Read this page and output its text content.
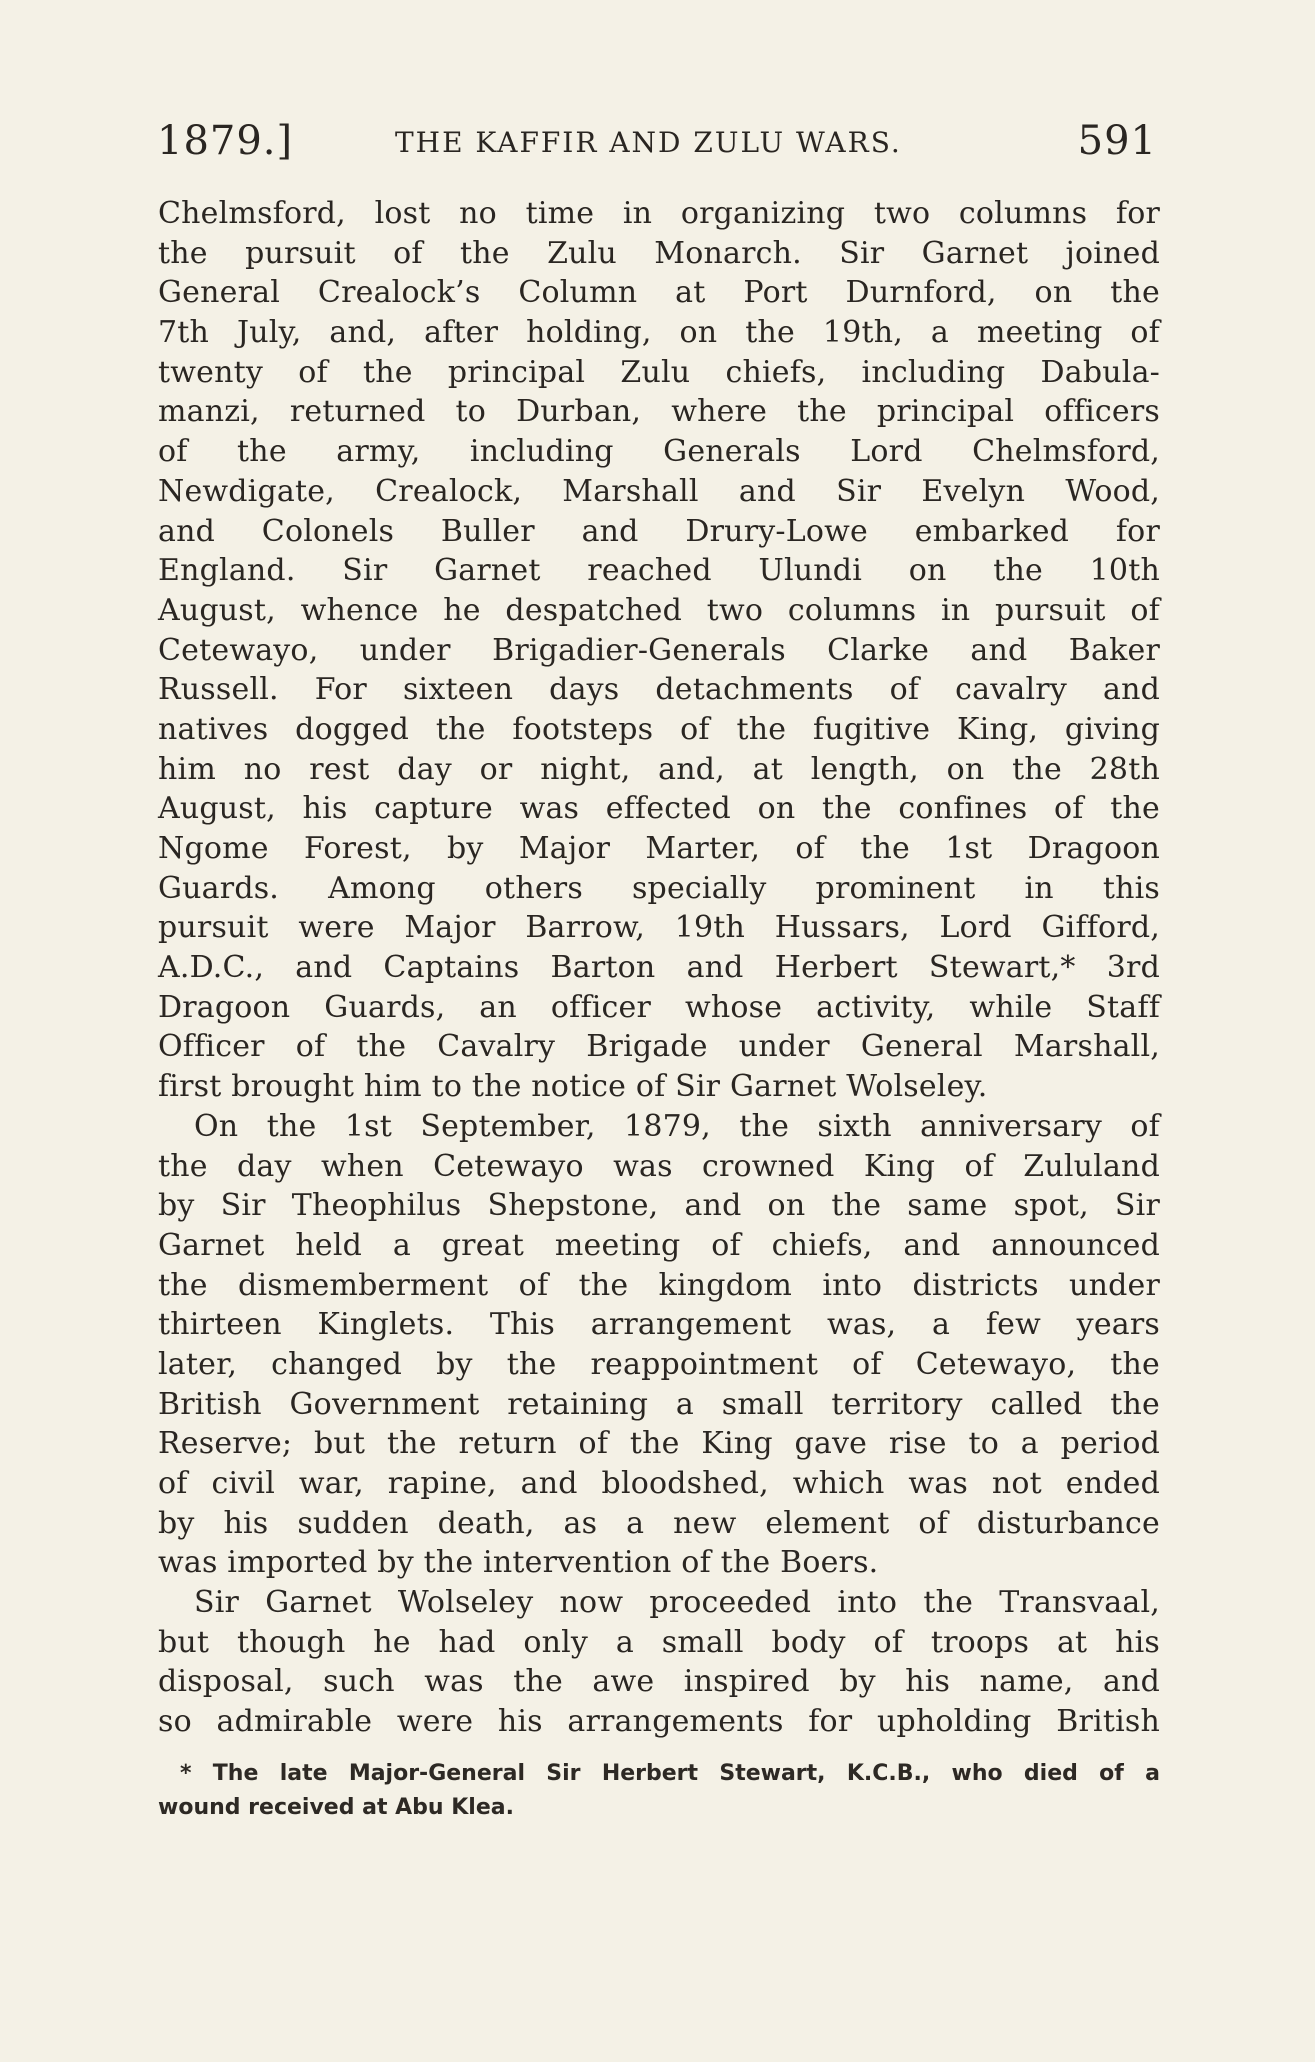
1879.]	THE KAFFIR AND ZULU WARS.	591
Chelmsford, lost no time in organizing two columns for
the pursuit of the Zulu Monarch. Sir Garnet joined
General Crealock’s Column at Port Durnford, on the
7th July, and, after holding, on the 19th, a meeting of
twenty of the principal Zulu chiefs, including Dabula-
manzi, returned to Durban, where the principal officers
of the army, including Generals Lord Chelmsford,
Newdigate, Crealock, Marshall and Sir Evelyn Wood,
and Colonels Buller and Drury-Lowe embarked for
England. Sir Garnet reached Ulundi on the 10th
August, whence he despatched two columns in pursuit of
Cetewayo, under Brigadier-Generals Clarke and Baker
Russell. For sixteen days detachments of cavalry and
natives dogged the footsteps of the fugitive King, giving
him no rest day or night, and, at length, on the 28th
August, his capture was effected on the confines of the
Ngome Forest, by Major Marter, of the 1st Dragoon
Guards. Among others specially prominent in this
pursuit were Major Barrow, 19th Hussars, Lord Gifford,
A.D.C., and Captains Barton and Herbert Stewart,* 3rd
Dragoon Guards, an officer whose activity, while Staff
Officer of the Cavalry Brigade under General Marshall,
first brought him to the notice of Sir Garnet Wolseley.
On the 1st September, 1879, the sixth anniversary of
the day when Cetewayo was crowned King of Zululand
by Sir Theophilus Shepstone, and on the same spot, Sir
Garnet held a great meeting of chiefs, and announced
the dismemberment of the kingdom into districts under
thirteen Kinglets. This arrangement was, a few years
later, changed by the reappointment of Cetewayo, the
British Government retaining a small territory called the
Reserve; but the return of the King gave rise to a period
of civil war, rapine, and bloodshed, which was not ended
by his sudden death, as a new element of disturbance
was imported by the intervention of the Boers.
Sir Garnet Wolseley now proceeded into the Transvaal,
but though he had only a small body of troops at his
disposal, such was the awe inspired by his name, and
so admirable were his arrangements for upholding British
* The late Major-General Sir Herbert Stewart, K.C.B., who died of a
wound received at Abu Klea.
